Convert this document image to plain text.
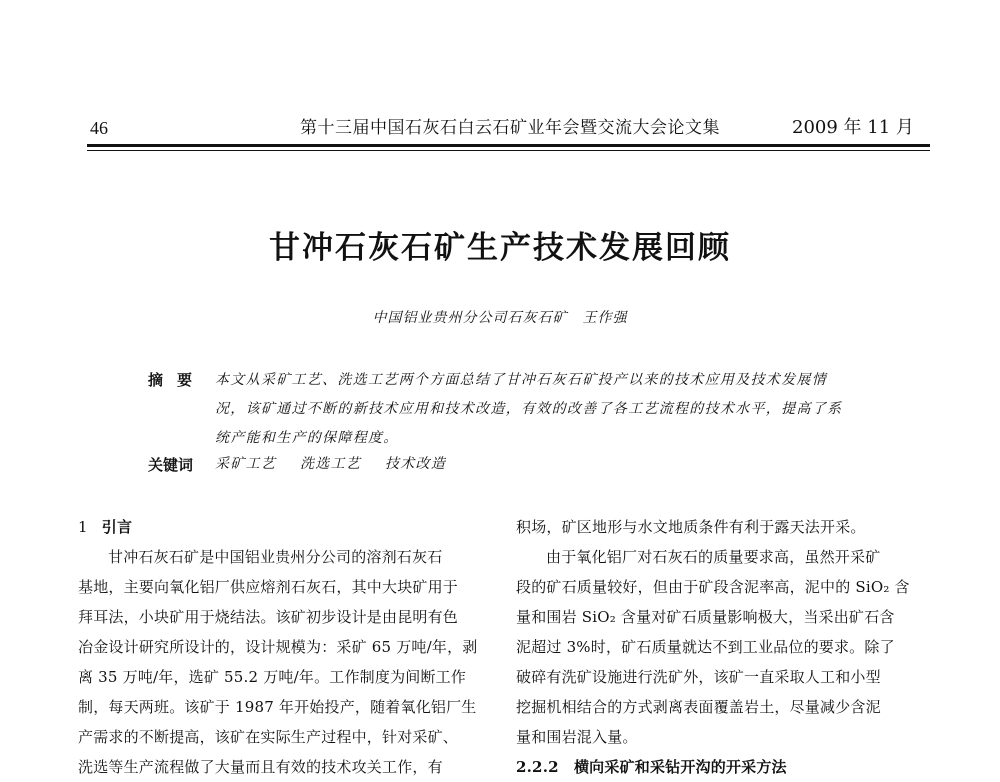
46	第十三届中国石灰石白云石矿业年会暨交流大会论文集	2009 年 11 月
甘冲石灰石矿生产技术发展回顾
中国铝业贵州分公司石灰石矿　王作强
摘要 本文从采矿工艺、洗选工艺两个方面总结了甘冲石灰石矿投产以来的技术应用及技术发展情
况，该矿通过不断的新技术应用和技术改造，有效的改善了各工艺流程的技术水平，提高了系
统产能和生产的保障程度。
关键词 采矿工艺 洗选工艺 技术改造
1 引言
甘冲石灰石矿是中国铝业贵州分公司的溶剂石灰石
基地，主要向氧化铝厂供应熔剂石灰石，其中大块矿用于
拜耳法，小块矿用于烧结法。该矿初步设计是由昆明有色
冶金设计研究所设计的，设计规模为：采矿 65 万吨/年，剥
离 35 万吨/年，选矿 55.2 万吨/年。工作制度为间断工作
制，每天两班。该矿于 1987 年开始投产，随着氧化铝厂生
产需求的不断提高，该矿在实际生产过程中，针对采矿、
洗选等生产流程做了大量而且有效的技术攻关工作，有
积场，矿区地形与水文地质条件有利于露天法开采。
由于氧化铝厂对石灰石的质量要求高，虽然开采矿
段的矿石质量较好，但由于矿段含泥率高，泥中的 SiO₂ 含
量和围岩 SiO₂ 含量对矿石质量影响极大，当采出矿石含
泥超过 3%时，矿石质量就达不到工业品位的要求。除了
破碎有洗矿设施进行洗矿外，该矿一直采取人工和小型
挖掘机相结合的方式剥离表面覆盖岩土，尽量减少含泥
量和围岩混入量。
2.2.2　横向采矿和采钻开沟的开采方法
